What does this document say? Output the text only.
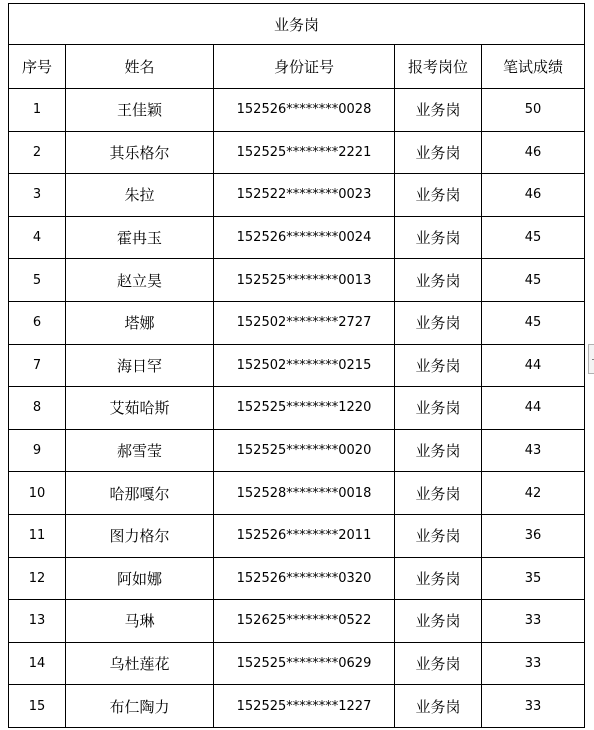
业务岗				
序号	姓名	身份证号	报考岗位	笔试成绩
1	王佳颖	152526********0028	业务岗	50
2	其乐格尔	152525********2221	业务岗	46
3	朱拉	152522********0023	业务岗	46
4	霍冉玉	152526********0024	业务岗	45
5	赵立昊	152525********0013	业务岗	45
6	塔娜	152502********2727	业务岗	45
7	海日罕	152502********0215	业务岗	44
8	艾茹哈斯	152525********1220	业务岗	44
9	郝雪莹	152525********0020	业务岗	43
10	哈那嘎尔	152528********0018	业务岗	42
11	图力格尔	152526********2011	业务岗	36
12	阿如娜	152526********0320	业务岗	35
13	马琳	152625********0522	业务岗	33
14	乌杜莲花	152525********0629	业务岗	33
15	布仁陶力	152525********1227	业务岗	33
